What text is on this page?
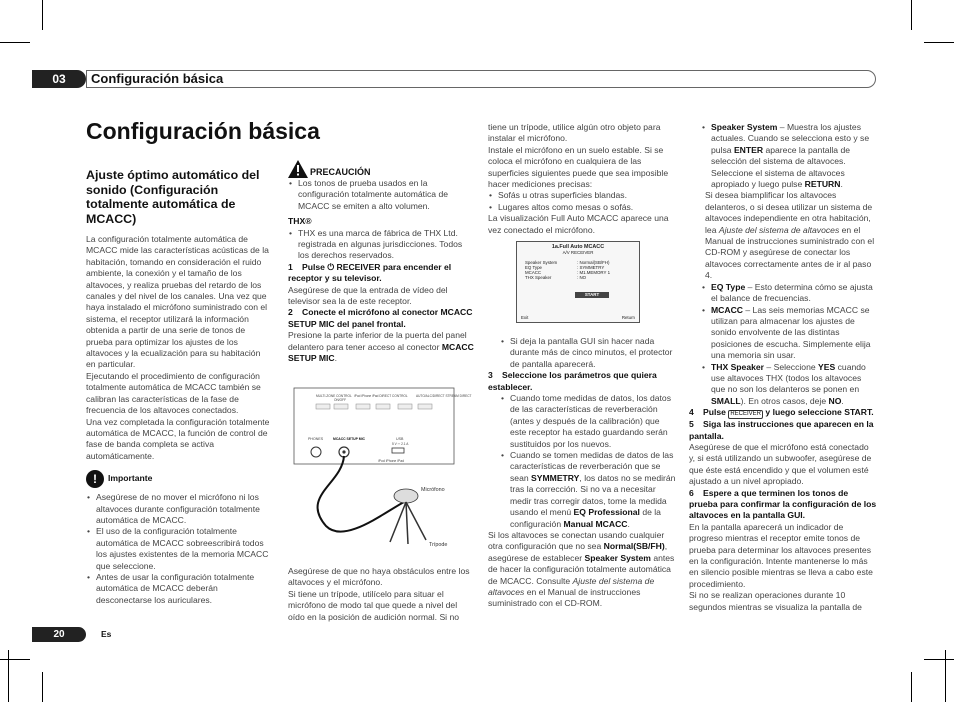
03	Configuración básica
Configuración básica
Ajuste óptimo automático del sonido (Configuración totalmente automática de MCACC)

La configuración totalmente automática de MCACC mide las características acústicas de la habitación, tomando en consideración el ruido ambiente, la conexión y el tamaño de los altavoces, y realiza pruebas del retardo de los canales y del nivel de los canales. Una vez que haya instalado el micrófono suministrado con el sistema, el receptor utilizará la información obtenida a partir de una serie de tonos de prueba para optimizar los ajustes de los altavoces y la ecualización para su habitación en particular.

Ejecutando el procedimiento de configuración totalmente automática de MCACC también se calibran las características de la fase de frecuencia de los altavoces conectados.

Una vez completada la configuración totalmente automática de MCACC, la función de control de fase de banda completa se activa automáticamente.

!	Importante

• Asegúrese de no mover el micrófono ni los altavoces durante configuración totalmente automática de MCACC.

• El uso de la configuración totalmente automática de MCACC sobreescribirá todos los ajustes existentes de la memoria MCACC que seleccione.

• Antes de usar la configuración totalmente automática de MCACC deberán desconectarse los auriculares.

PRECAUCIÓN

• Los tonos de prueba usados en la configuración totalmente automática de MCACC se emiten a alto volumen.

THX®

• THX es una marca de fábrica de THX Ltd. registrada en algunas jurisdicciones. Todos los derechos reservados.

1 Pulse ⏻ RECEIVER para encender el receptor y su televisor.

Asegúrese de que la entrada de vídeo del televisor sea la de este receptor.

2 Conecte el micrófono al conector MCACC SETUP MIC del panel frontal.

Presione la parte inferior de la puerta del panel delantero para tener acceso al conector MCACC SETUP MIC.

MULTI-ZONE CONTROL
ON/OFF
iPod iPhone iPad DIRECT CONTROL	AUTO/ALC/DIRECT STREAM DIRECT
PHONES	MCACC SETUP MIC	USB
5 V ⎓ 2.1 A
iPod iPhone iPad
Micrófono
Trípode

Asegúrese de que no haya obstáculos entre los altavoces y el micrófono.

Si tiene un trípode, utilícelo para situar el micrófono de modo tal que quede a nivel del oído en la posición de audición normal. Si no

tiene un trípode, utilice algún otro objeto para instalar el micrófono.

Instale el micrófono en un suelo estable. Si se coloca el micrófono en cualquiera de las superficies siguientes puede que sea imposible hacer mediciones precisas:

• Sofás u otras superficies blandas.

• Lugares altos como mesas o sofás.

La visualización Full Auto MCACC aparece una vez conectado el micrófono.

1a.Full Auto MCACC
A/V RECEIVER
Speaker System	: Normal(SB/FH)
EQ Type	: SYMMETRY
MCACC	: M1.MEMORY 1
THX Speaker	: NO
START
Exit	Return

• Si deja la pantalla GUI sin hacer nada durante más de cinco minutos, el protector de pantalla aparecerá.

3 Seleccione los parámetros que quiera establecer.

• Cuando tome medidas de datos, los datos de las características de reverberación (antes y después de la calibración) que este receptor ha estado guardando serán sustituidos por los nuevos.

• Cuando se tomen medidas de datos de las características de reverberación que se sean SYMMETRY, los datos no se medirán tras la corrección. Si no va a necesitar medir tras corregir datos, tome la medida usando el menú EQ Professional de la configuración Manual MCACC.

Si los altavoces se conectan usando cualquier otra configuración que no sea Normal(SB/FH), asegúrese de establecer Speaker System antes de hacer la configuración totalmente automática de MCACC. Consulte Ajuste del sistema de altavoces en el Manual de instrucciones suministrado con el CD-ROM.

• Speaker System – Muestra los ajustes actuales. Cuando se selecciona esto y se pulsa ENTER aparece la pantalla de selección del sistema de altavoces. Seleccione el sistema de altavoces apropiado y luego pulse RETURN.

Si desea biamplificar los altavoces delanteros, o si desea utilizar un sistema de altavoces independiente en otra habitación, lea Ajuste del sistema de altavoces en el Manual de instrucciones suministrado con el CD-ROM y asegúrese de conectar los altavoces correctamente antes de ir al paso 4.

• EQ Type – Esto determina cómo se ajusta el balance de frecuencias.

• MCACC – Las seis memorias MCACC se utilizan para almacenar los ajustes de sonido envolvente de las distintas posiciones de escucha. Simplemente elija una memoria sin usar.

• THX Speaker – Seleccione YES cuando use altavoces THX (todos los altavoces que no son los delanteros se ponen en SMALL). En otros casos, deje NO.

4 Pulse RECEIVER y luego seleccione START.

5 Siga las instrucciones que aparecen en la pantalla.

Asegúrese de que el micrófono está conectado y, si está utilizando un subwoofer, asegúrese de que éste está encendido y que el volumen esté ajustado a un nivel apropiado.

6 Espere a que terminen los tonos de prueba para confirmar la configuración de los altavoces en la pantalla GUI.

En la pantalla aparecerá un indicador de progreso mientras el receptor emite tonos de prueba para determinar los altavoces presentes en la configuración. Intente mantenerse lo más en silencio posible mientras se lleva a cabo este procedimiento.

Si no se realizan operaciones durante 10 segundos mientras se visualiza la pantalla de

20	Es
